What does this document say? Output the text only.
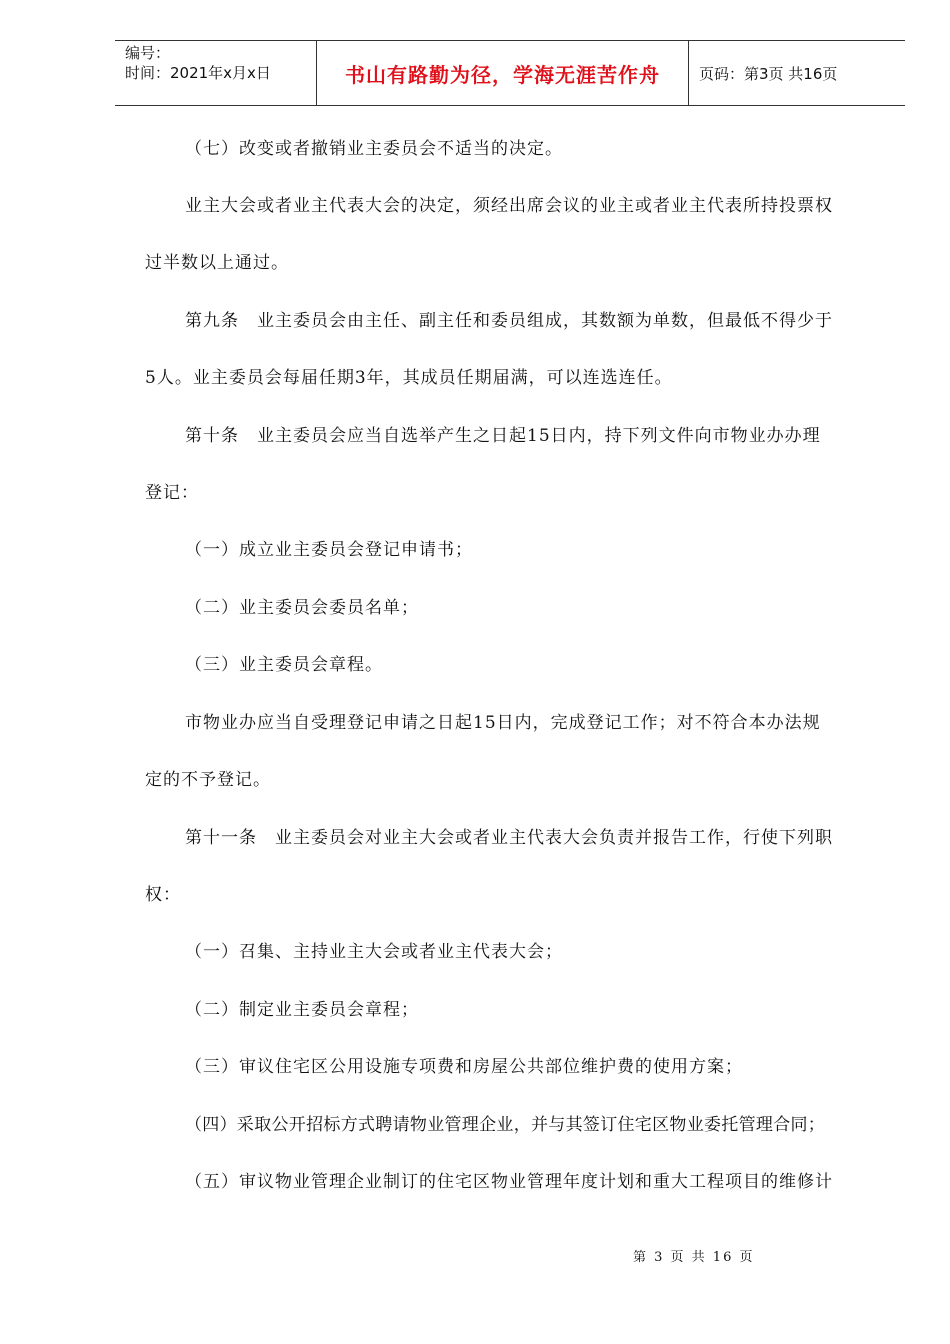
编号：
时间：2021年x月x日	书山有路勤为径，学海无涯苦作舟	页码：第3页 共16页
（七）改变或者撤销业主委员会不适当的决定。
业主大会或者业主代表大会的决定，须经出席会议的业主或者业主代表所持投票权
过半数以上通过。
第九条　业主委员会由主任、副主任和委员组成，其数额为单数，但最低不得少于
5人。业主委员会每届任期3年，其成员任期届满，可以连选连任。
第十条　业主委员会应当自选举产生之日起15日内，持下列文件向市物业办办理
登记：
（一）成立业主委员会登记申请书；
（二）业主委员会委员名单；
（三）业主委员会章程。
市物业办应当自受理登记申请之日起15日内，完成登记工作；对不符合本办法规
定的不予登记。
第十一条　业主委员会对业主大会或者业主代表大会负责并报告工作，行使下列职
权：
（一）召集、主持业主大会或者业主代表大会；
（二）制定业主委员会章程；
（三）审议住宅区公用设施专项费和房屋公共部位维护费的使用方案；
（四）采取公开招标方式聘请物业管理企业，并与其签订住宅区物业委托管理合同；
（五）审议物业管理企业制订的住宅区物业管理年度计划和重大工程项目的维修计
第 3 页 共 16 页
